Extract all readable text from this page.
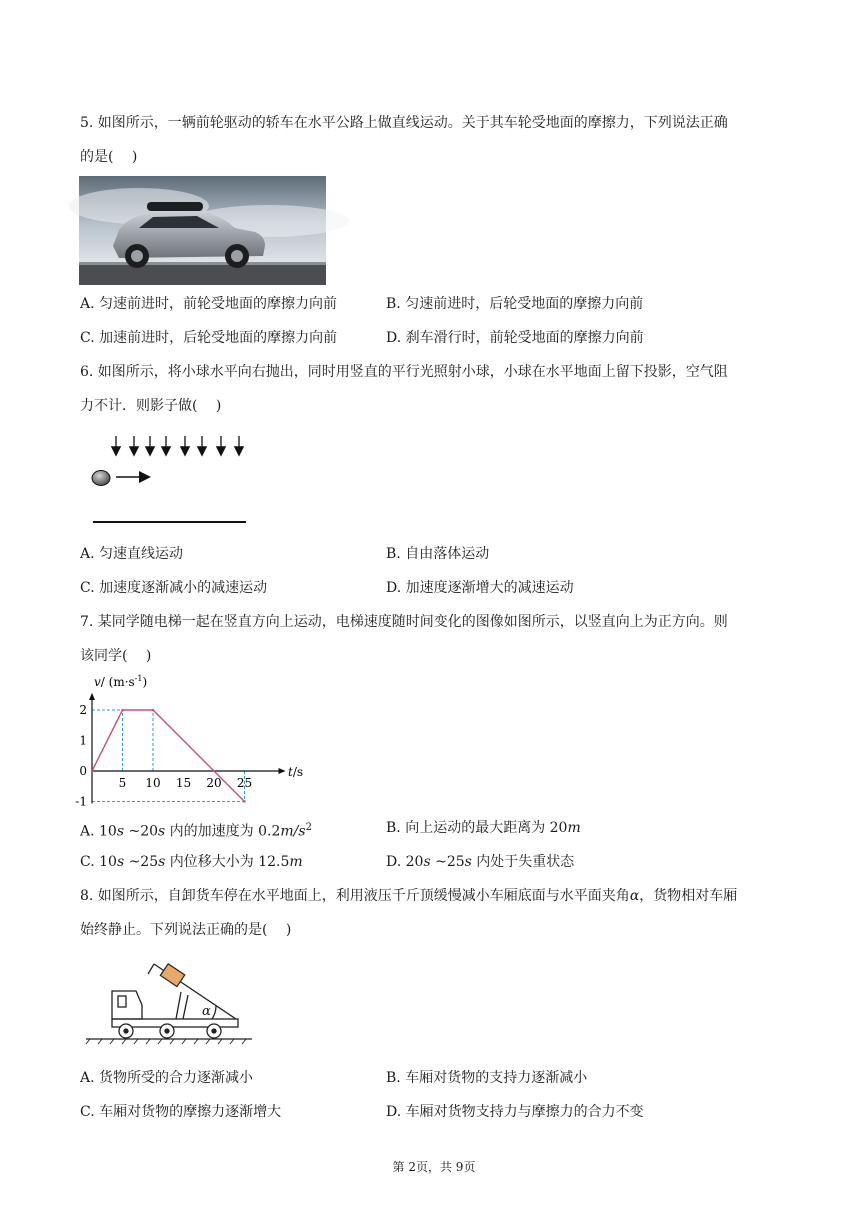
5. 如图所示，一辆前轮驱动的轿车在水平公路上做直线运动。关于其车轮受地面的摩擦力，下列说法正确
的是(　 )
A. 匀速前进时，前轮受地面的摩擦力向前	B. 匀速前进时，后轮受地面的摩擦力向前
C. 加速前进时，后轮受地面的摩擦力向前	D. 刹车滑行时，前轮受地面的摩擦力向前
6. 如图所示，将小球水平向右抛出，同时用竖直的平行光照射小球，小球在水平地面上留下投影，空气阻
力不计．则影子做(　 )
A. 匀速直线运动	B. 自由落体运动
C. 加速度逐渐减小的减速运动	D. 加速度逐渐增大的减速运动
7. 某同学随电梯一起在竖直方向上运动，电梯速度随时间变化的图像如图所示，以竖直向上为正方向。则
该同学(　 )
v/ $(m\cdot s^{-1})$
t/s
5 10 15 20 25
2
1
0
-1
A. 10s ~20s 内的加速度为 $0.2m/s^2$	B. 向上运动的最大距离为 20m
C. 10s ~25s 内位移大小为 12.5m	D. 20s ~25s 内处于失重状态
8. 如图所示，自卸货车停在水平地面上，利用液压千斤顶缓慢减小车厢底面与水平面夹角α，货物相对车厢
始终静止。下列说法正确的是(　 )
α
A. 货物所受的合力逐渐减小	B. 车厢对货物的支持力逐渐减小
C. 车厢对货物的摩擦力逐渐增大	D. 车厢对货物支持力与摩擦力的合力不变
第 2页，共 9页
